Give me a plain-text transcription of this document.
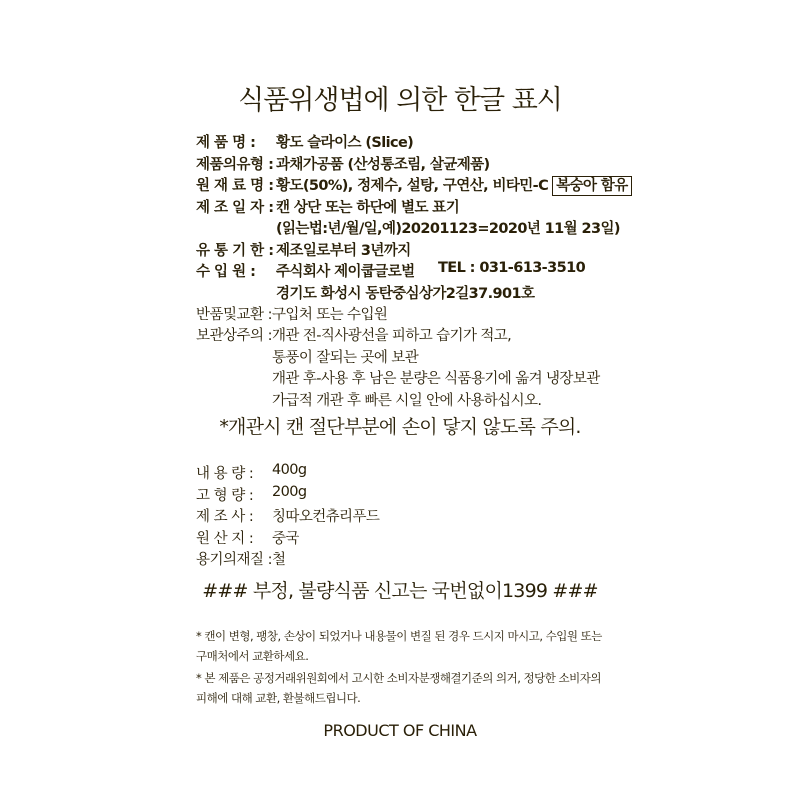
식품위생법에 의한 한글 표시
제 품 명 : 황도 슬라이스 (Slice)
제품의유형 : 과채가공품 (산성통조림, 살균제품)
원 재 료 명 : 황도(50%), 정제수, 설탕, 구연산, 비타민-C 복숭아 함유
제 조 일 자 : 캔 상단 또는 하단에 별도 표기
(읽는법:년/월/일,예)20201123=2020년 11월 23일)
유 통 기 한 : 제조일로부터 3년까지
수 입 원 : 주식회사 제이쿱글로벌 TEL : 031-613-3510
경기도 화성시 동탄중심상가2길37.901호
반품및교환 : 구입처 또는 수입원
보관상주의 : 개관 전-직사광선을 피하고 습기가 적고,
통풍이 잘되는 곳에 보관
개관 후-사용 후 남은 분량은 식품용기에 옮겨 냉장보관
가급적 개관 후 빠른 시일 안에 사용하십시오.
*개관시 캔 절단부분에 손이 닿지 않도록 주의.
내 용 량 : 400g
고 형 량 : 200g
제 조 사 : 칭따오컨츄리푸드
원 산 지 : 중국
용기의재질 : 철
### 부정, 불량식품 신고는 국번없이1399 ###
* 캔이 변형, 팽창, 손상이 되었거나 내용물이 변질 된 경우 드시지 마시고, 수입원 또는
구매처에서 교환하세요.
* 본 제품은 공정거래위원회에서 고시한 소비자분쟁해결기준의 의거, 정당한 소비자의
피해에 대해 교환, 환불해드립니다.
PRODUCT OF CHINA
